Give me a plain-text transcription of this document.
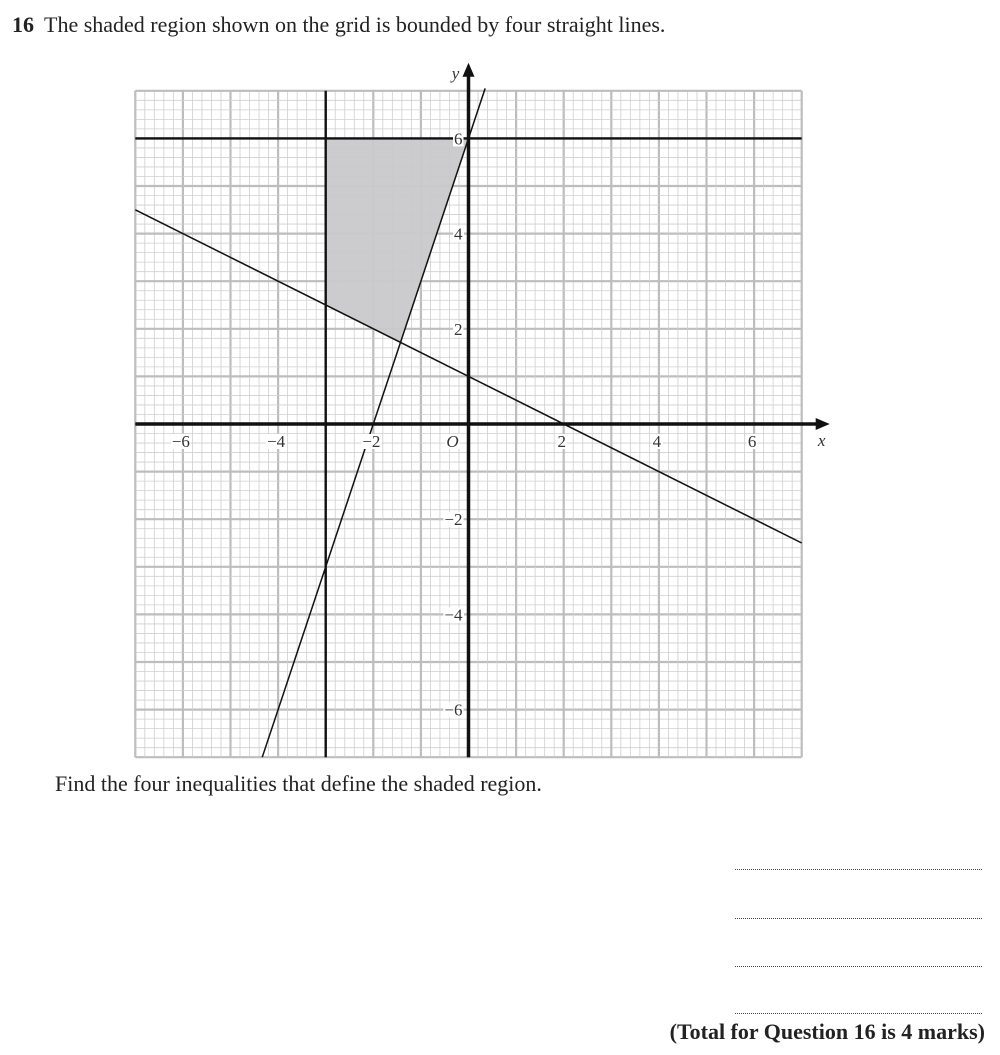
16 The shaded region shown on the grid is bounded by four straight lines.
−6	−4	−2	2	4	6
6
4
2
−2
−4
−6
O	x
y
Find the four inequalities that define the shaded region.
(Total for Question 16 is 4 marks)
